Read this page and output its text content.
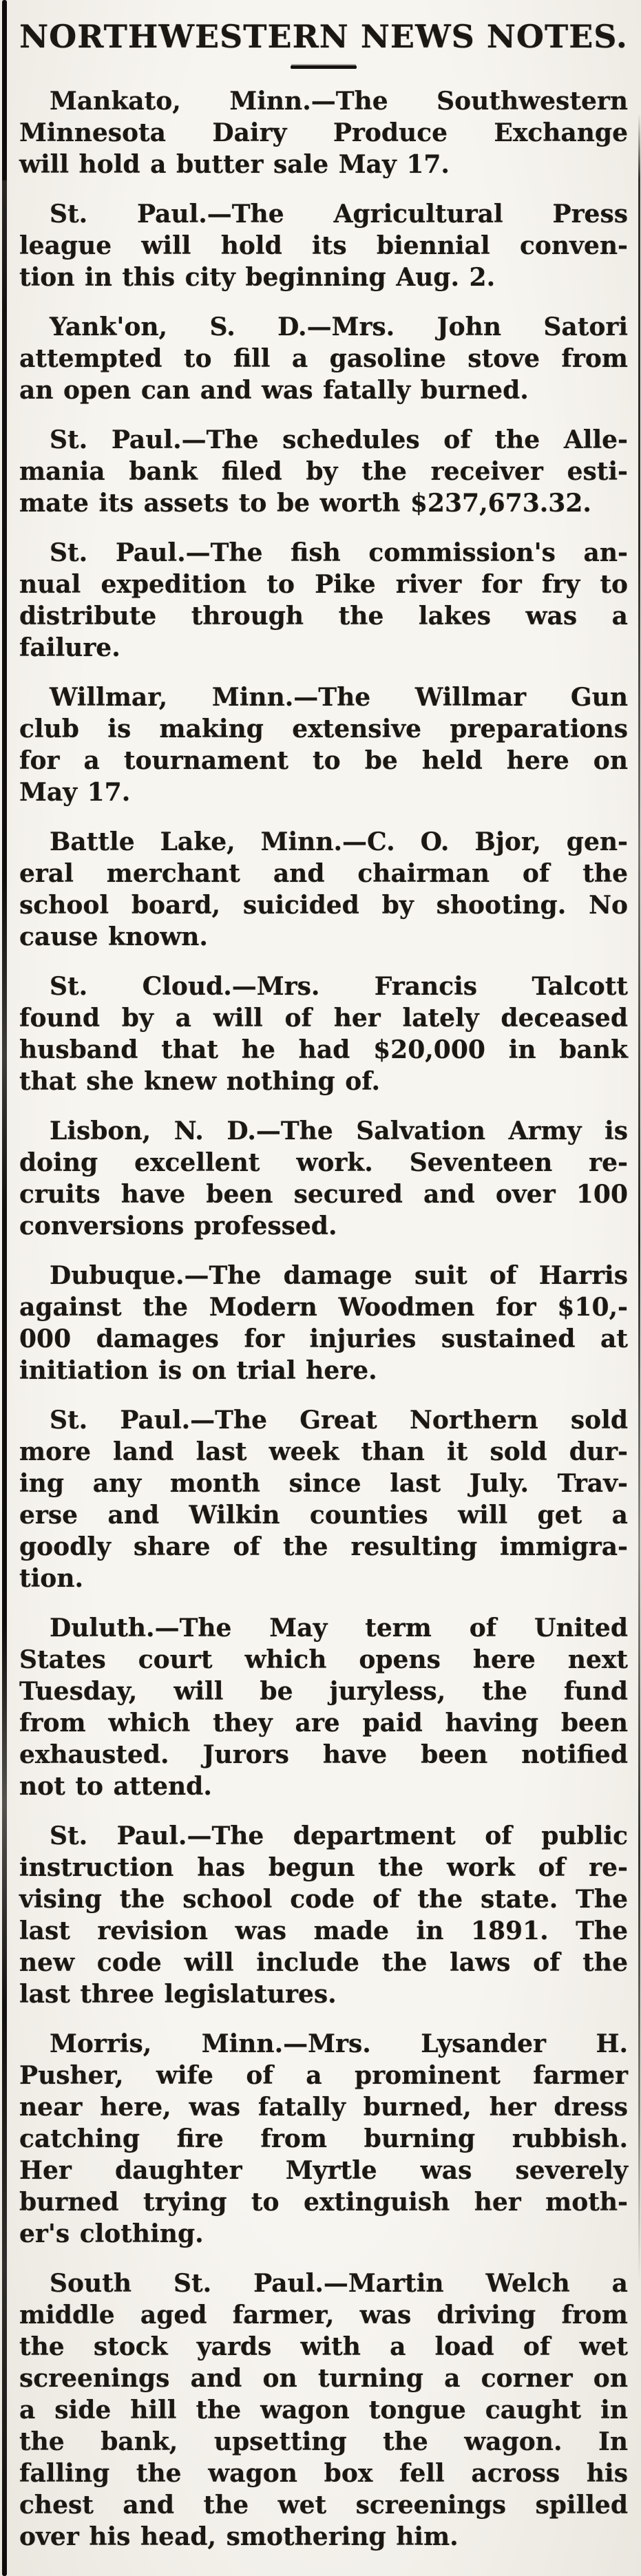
NORTHWESTERN NEWS NOTES.

Mankato, Minn.—The Southwestern
Minnesota Dairy Produce Exchange
will hold a butter sale May 17.

St. Paul.—The Agricultural Press
league will hold its biennial conven-
tion in this city beginning Aug. 2.

Yank'on, S. D.—Mrs. John Satori
attempted to fill a gasoline stove from
an open can and was fatally burned.

St. Paul.—The schedules of the Alle-
mania bank filed by the receiver esti-
mate its assets to be worth $237,673.32.

St. Paul.—The fish commission's an-
nual expedition to Pike river for fry to
distribute through the lakes was a
failure.

Willmar, Minn.—The Willmar Gun
club is making extensive preparations
for a tournament to be held here on
May 17.

Battle Lake, Minn.—C. O. Bjor, gen-
eral merchant and chairman of the
school board, suicided by shooting. No
cause known.

St. Cloud.—Mrs. Francis Talcott
found by a will of her lately deceased
husband that he had $20,000 in bank
that she knew nothing of.

Lisbon, N. D.—The Salvation Army is
doing excellent work. Seventeen re-
cruits have been secured and over 100
conversions professed.

Dubuque.—The damage suit of Harris
against the Modern Woodmen for $10,-
000 damages for injuries sustained at
initiation is on trial here.

St. Paul.—The Great Northern sold
more land last week than it sold dur-
ing any month since last July. Trav-
erse and Wilkin counties will get a
goodly share of the resulting immigra-
tion.

Duluth.—The May term of United
States court which opens here next
Tuesday, will be juryless, the fund
from which they are paid having been
exhausted. Jurors have been notified
not to attend.

St. Paul.—The department of public
instruction has begun the work of re-
vising the school code of the state. The
last revision was made in 1891. The
new code will include the laws of the
last three legislatures.

Morris, Minn.—Mrs. Lysander H.
Pusher, wife of a prominent farmer
near here, was fatally burned, her dress
catching fire from burning rubbish.
Her daughter Myrtle was severely
burned trying to extinguish her moth-
er's clothing.

South St. Paul.—Martin Welch a
middle aged farmer, was driving from
the stock yards with a load of wet
screenings and on turning a corner on
a side hill the wagon tongue caught in
the bank, upsetting the wagon. In
falling the wagon box fell across his
chest and the wet screenings spilled
over his head, smothering him.
